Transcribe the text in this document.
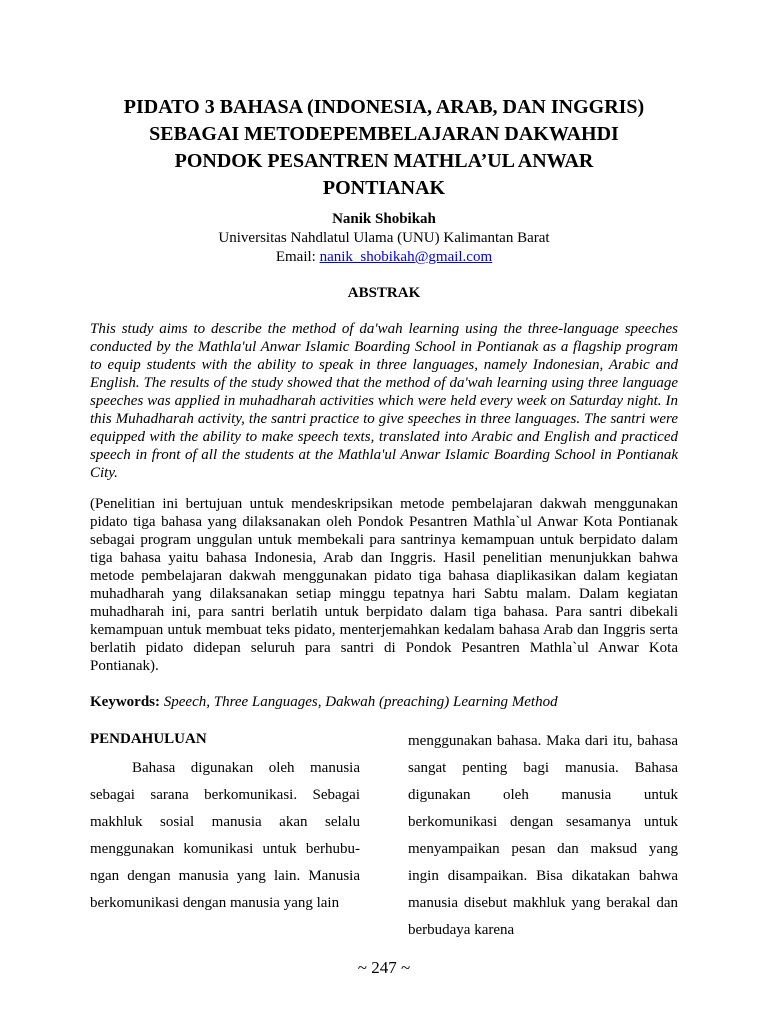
PIDATO 3 BAHASA (INDONESIA, ARAB, DAN INGGRIS)
SEBAGAI METODEPEMBELAJARAN DAKWAHDI
PONDOK PESANTREN MATHLA’UL ANWAR
PONTIANAK
Nanik Shobikah
Universitas Nahdlatul Ulama (UNU) Kalimantan Barat
Email: nanik_shobikah@gmail.com
ABSTRAK

This study aims to describe the method of da'wah learning using the three-language speeches conducted by the Mathla'ul Anwar Islamic Boarding School in Pontianak as a flagship program to equip students with the ability to speak in three languages, namely Indonesian, Arabic and English. The results of the study showed that the method of da'wah learning using three language speeches was applied in muhadharah activities which were held every week on Saturday night. In this Muhadharah activity, the santri practice to give speeches in three languages. The santri were equipped with the ability to make speech texts, translated into Arabic and English and practiced speech in front of all the students at the Mathla'ul Anwar Islamic Boarding School in Pontianak City.

(Penelitian ini bertujuan untuk mendeskripsikan metode pembelajaran dakwah menggunakan pidato tiga bahasa yang dilaksanakan oleh Pondok Pesantren Mathla`ul Anwar Kota Pontianak sebagai program unggulan untuk membekali para santrinya kemampuan untuk berpidato dalam tiga bahasa yaitu bahasa Indonesia, Arab dan Inggris. Hasil penelitian menunjukkan bahwa metode pembelajaran dakwah menggunakan pidato tiga bahasa diaplikasikan dalam kegiatan muhadharah yang dilaksanakan setiap minggu tepatnya hari Sabtu malam. Dalam kegiatan muhadharah ini, para santri berlatih untuk berpidato dalam tiga bahasa. Para santri dibekali kemampuan untuk membuat teks pidato, menterjemahkan kedalam bahasa Arab dan Inggris serta berlatih pidato didepan seluruh para santri di Pondok Pesantren Mathla`ul Anwar Kota Pontianak).

Keywords: Speech, Three Languages, Dakwah (preaching) Learning Method
PENDAHULUAN

Bahasa digunakan oleh manusia sebagai sarana berkomunikasi. Sebagai makhluk sosial manusia akan selalu menggunakan komunikasi untuk berhubu-ngan dengan manusia yang lain. Manusia berkomunikasi dengan manusia yang lain

menggunakan bahasa. Maka dari itu, bahasa sangat penting bagi manusia. Bahasa digunakan oleh manusia untuk berkomunikasi dengan sesamanya untuk menyampaikan pesan dan maksud yang ingin disampaikan. Bisa dikatakan bahwa manusia disebut makhluk yang berakal dan berbudaya karena

~ 247 ~
